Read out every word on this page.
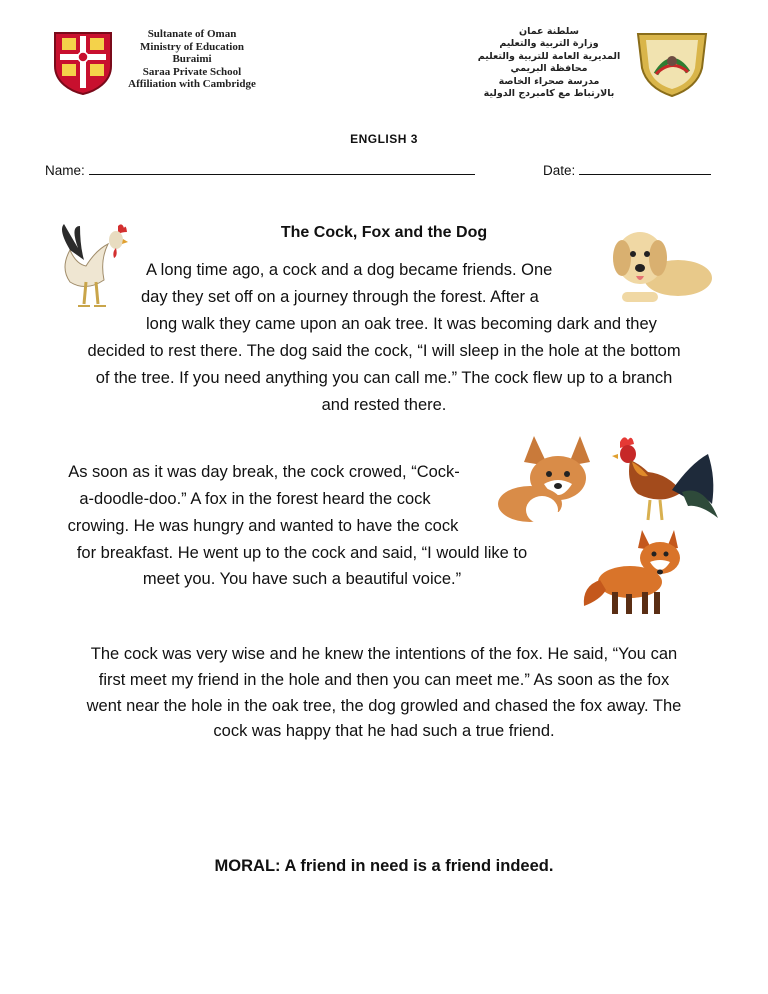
Sultanate of Oman
Ministry of Education
Buraimi
Saraa Private School
Affiliation with Cambridge
سلطنة عمان
وزارة التربية والتعليم
المديرية العامة للتربية والتعليم
محافظة البريمي
مدرسة صحراء الخاصة
بالارتباط مع كامبردج الدولية
ENGLISH 3
Name:	Date:
The Cock, Fox and the Dog
A long time ago, a cock and a dog became friends. One
day they set off on a journey through the forest. After a
long walk they came upon an oak tree. It was becoming dark and they
decided to rest there. The dog said the cock, “I will sleep in the hole at the bottom
of the tree. If you need anything you can call me.” The cock flew up to a branch
and rested there.
As soon as it was day break, the cock crowed, “Cock-
a-doodle-doo.” A fox in the forest heard the cock
crowing. He was hungry and wanted to have the cock
for breakfast. He went up to the cock and said, “I would like to
meet you. You have such a beautiful voice.”
The cock was very wise and he knew the intentions of the fox. He said, “You can
first meet my friend in the hole and then you can meet me.” As soon as the fox
went near the hole in the oak tree, the dog growled and chased the fox away. The
cock was happy that he had such a true friend.
MORAL: A friend in need is a friend indeed.
